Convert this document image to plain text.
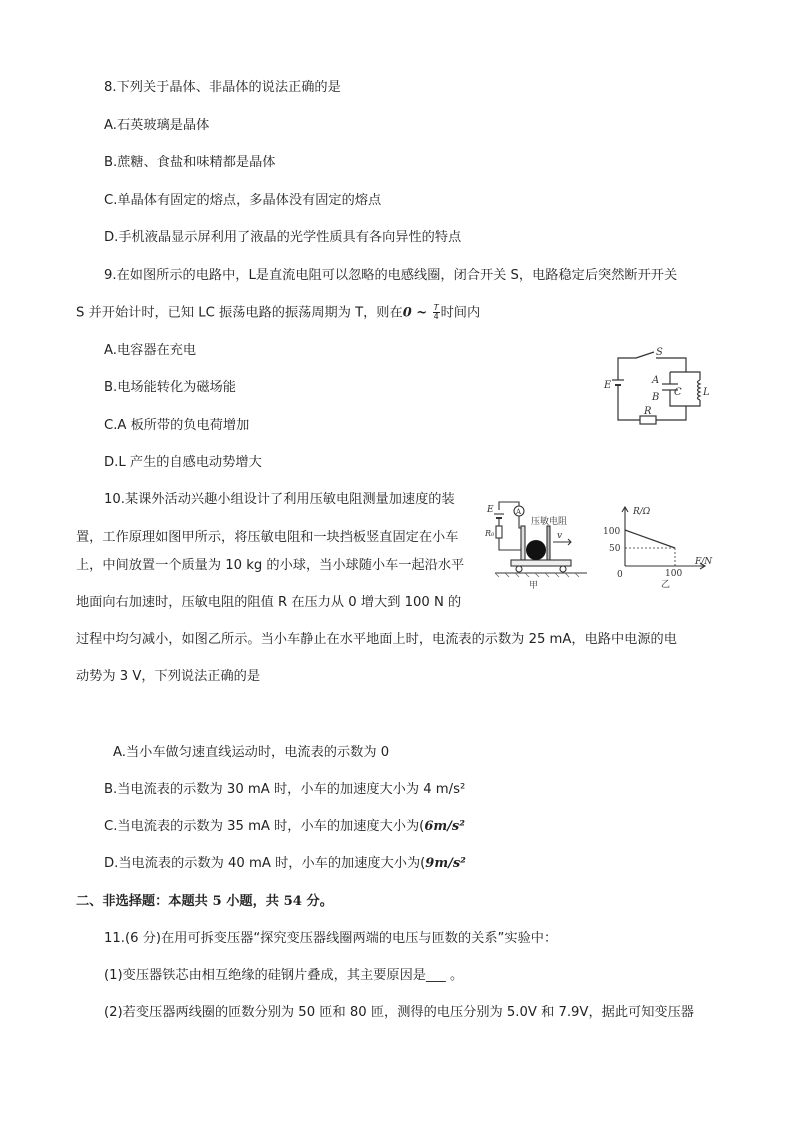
8.下列关于晶体、非晶体的说法正确的是
A.石英玻璃是晶体
B.蔗糖、食盐和味精都是晶体
C.单晶体有固定的熔点，多晶体没有固定的熔点
D.手机液晶显示屏利用了液晶的光学性质具有各向异性的特点
9.在如图所示的电路中，L是直流电阻可以忽略的电感线圈，闭合开关 S，电路稳定后突然断开开关
S 并开始计时，已知 LC 振荡电路的振荡周期为 T，则在0 ~ $\frac{T}{4}$ 时间内
A.电容器在充电
B.电场能转化为磁场能
C.A 板所带的负电荷增加
D.L 产生的自感电动势增大
S
E	A
B C L
R
10.某课外活动兴趣小组设计了利用压敏电阻测量加速度的装
置，工作原理如图甲所示，将压敏电阻和一块挡板竖直固定在小车
上，中间放置一个质量为 10 kg 的小球，当小球随小车一起沿水平
地面向右加速时，压敏电阻的阻值 R 在压力从 0 增大到 100 N 的
过程中均匀减小，如图乙所示。当小车静止在水平地面上时，电流表的示数为 25 mA，电路中电源的电
动势为 3 V，下列说法正确的是
E	A
R₀
压敏电阻
v
甲
R/Ω
F/N
100
50
0	100
乙
A.当小车做匀速直线运动时，电流表的示数为 0
B.当电流表的示数为 30 mA 时，小车的加速度大小为 4 m/s²
C.当电流表的示数为 35 mA 时，小车的加速度大小为(6m/s²
D.当电流表的示数为 40 mA 时，小车的加速度大小为(9m/s²
二、非选择题：本题共 5 小题，共 54 分。
11.(6 分)在用可拆变压器“探究变压器线圈两端的电压与匝数的关系”实验中：
(1)变压器铁芯由相互绝缘的硅钢片叠成，其主要原因是___ 。
(2)若变压器两线圈的匝数分别为 50 匝和 80 匝，测得的电压分别为 5.0V 和 7.9V，据此可知变压器
